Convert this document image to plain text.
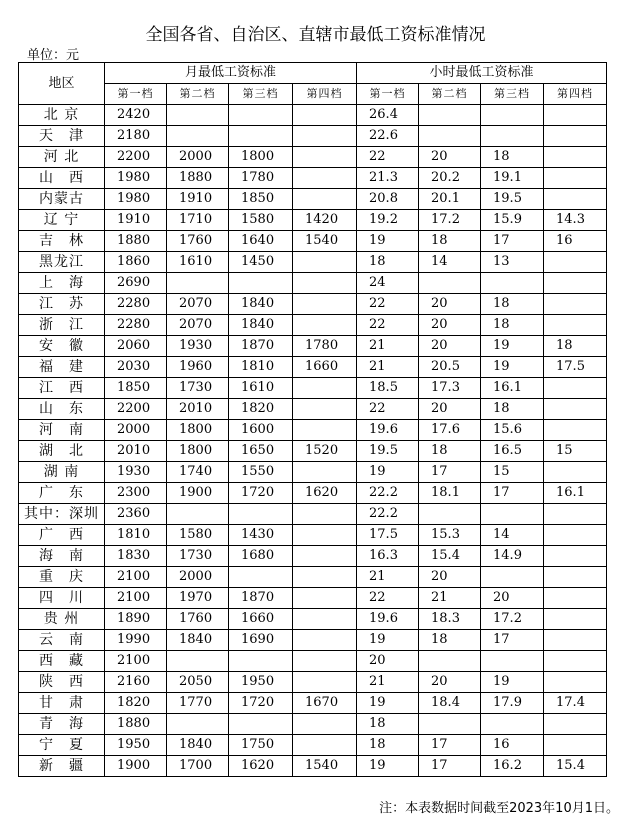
全国各省、自治区、直辖市最低工资标准情况
单位：元
地区	月最低工资标准				小时最低工资标准			
	第一档	第二档	第三档	第四档	第一档	第二档	第三档	第四档
北 京	2420				26.4			
天　津	2180				22.6			
河 北	2200	2000	1800		22	20	18	
山　西	1980	1880	1780		21.3	20.2	19.1	
内蒙古	1980	1910	1850		20.8	20.1	19.5	
辽 宁	1910	1710	1580	1420	19.2	17.2	15.9	14.3
吉　林	1880	1760	1640	1540	19	18	17	16
黑龙江	1860	1610	1450		18	14	13	
上　海	2690				24			
江　苏	2280	2070	1840		22	20	18	
浙　江	2280	2070	1840		22	20	18	
安　徽	2060	1930	1870	1780	21	20	19	18
福　建	2030	1960	1810	1660	21	20.5	19	17.5
江　西	1850	1730	1610		18.5	17.3	16.1	
山　东	2200	2010	1820		22	20	18	
河　南	2000	1800	1600		19.6	17.6	15.6	
湖　北	2010	1800	1650	1520	19.5	18	16.5	15
湖 南	1930	1740	1550		19	17	15	
广　东	2300	1900	1720	1620	22.2	18.1	17	16.1
其中：深圳	2360				22.2			
广　西	1810	1580	1430		17.5	15.3	14	
海　南	1830	1730	1680		16.3	15.4	14.9	
重　庆	2100	2000			21	20		
四　川	2100	1970	1870		22	21	20	
贵 州	1890	1760	1660		19.6	18.3	17.2	
云　南	1990	1840	1690		19	18	17	
西　藏	2100				20			
陕　西	2160	2050	1950		21	20	19	
甘　肃	1820	1770	1720	1670	19	18.4	17.9	17.4
青　海	1880				18			
宁　夏	1950	1840	1750		18	17	16	
新　疆	1900	1700	1620	1540	19	17	16.2	15.4
注：本表数据时间截至2023年10月1日。
